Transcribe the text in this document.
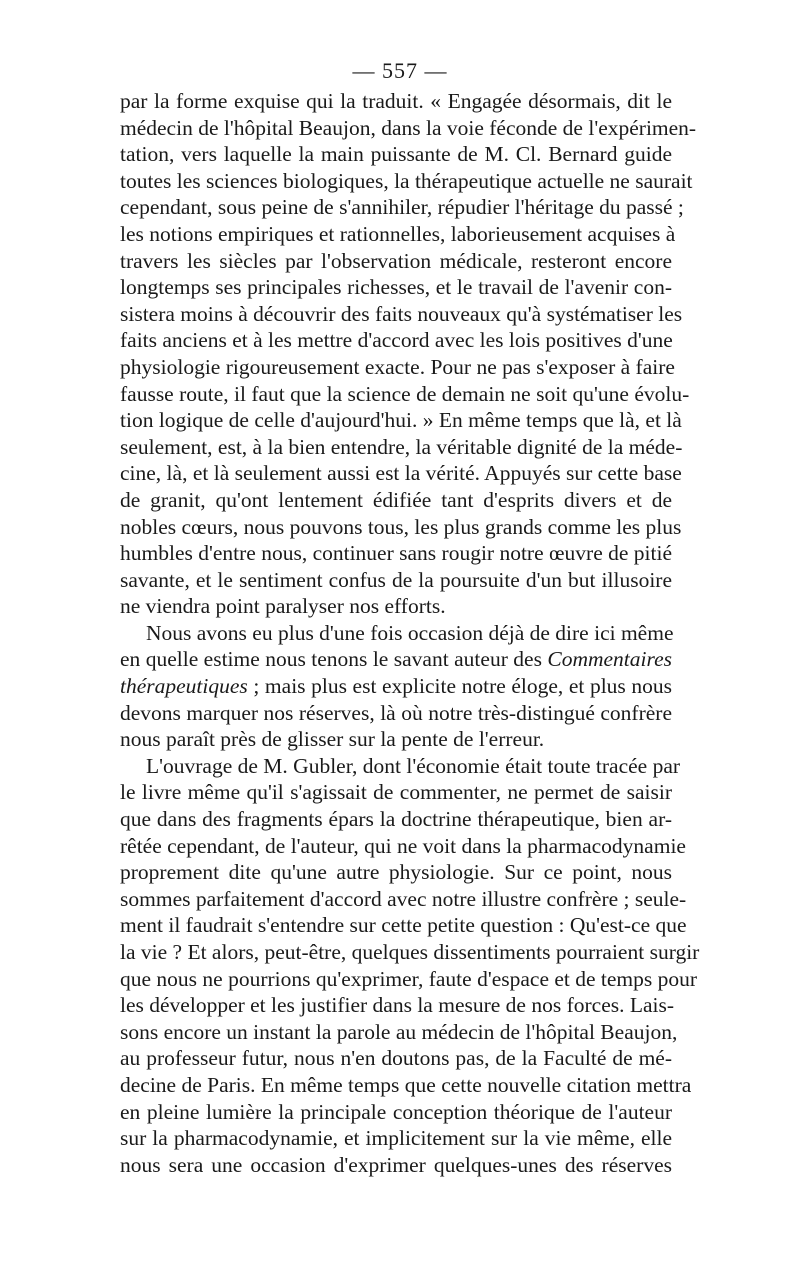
— 557 —
par la forme exquise qui la traduit. « Engagée désormais, dit le
médecin de l'hôpital Beaujon, dans la voie féconde de l'expérimen-
tation, vers laquelle la main puissante de M. Cl. Bernard guide
toutes les sciences biologiques, la thérapeutique actuelle ne saurait
cependant, sous peine de s'annihiler, répudier l'héritage du passé ;
les notions empiriques et rationnelles, laborieusement acquises à
travers les siècles par l'observation médicale, resteront encore
longtemps ses principales richesses, et le travail de l'avenir con-
sistera moins à découvrir des faits nouveaux qu'à systématiser les
faits anciens et à les mettre d'accord avec les lois positives d'une
physiologie rigoureusement exacte. Pour ne pas s'exposer à faire
fausse route, il faut que la science de demain ne soit qu'une évolu-
tion logique de celle d'aujourd'hui. » En même temps que là, et là
seulement, est, à la bien entendre, la véritable dignité de la méde-
cine, là, et là seulement aussi est la vérité. Appuyés sur cette base
de granit, qu'ont lentement édifiée tant d'esprits divers et de
nobles cœurs, nous pouvons tous, les plus grands comme les plus
humbles d'entre nous, continuer sans rougir notre œuvre de pitié
savante, et le sentiment confus de la poursuite d'un but illusoire
ne viendra point paralyser nos efforts.
Nous avons eu plus d'une fois occasion déjà de dire ici même
en quelle estime nous tenons le savant auteur des Commentaires
thérapeutiques ; mais plus est explicite notre éloge, et plus nous
devons marquer nos réserves, là où notre très-distingué confrère
nous paraît près de glisser sur la pente de l'erreur.
L'ouvrage de M. Gubler, dont l'économie était toute tracée par
le livre même qu'il s'agissait de commenter, ne permet de saisir
que dans des fragments épars la doctrine thérapeutique, bien ar-
rêtée cependant, de l'auteur, qui ne voit dans la pharmacodynamie
proprement dite qu'une autre physiologie. Sur ce point, nous
sommes parfaitement d'accord avec notre illustre confrère ; seule-
ment il faudrait s'entendre sur cette petite question : Qu'est-ce que
la vie ? Et alors, peut-être, quelques dissentiments pourraient surgir
que nous ne pourrions qu'exprimer, faute d'espace et de temps pour
les développer et les justifier dans la mesure de nos forces. Lais-
sons encore un instant la parole au médecin de l'hôpital Beaujon,
au professeur futur, nous n'en doutons pas, de la Faculté de mé-
decine de Paris. En même temps que cette nouvelle citation mettra
en pleine lumière la principale conception théorique de l'auteur
sur la pharmacodynamie, et implicitement sur la vie même, elle
nous sera une occasion d'exprimer quelques-unes des réserves
